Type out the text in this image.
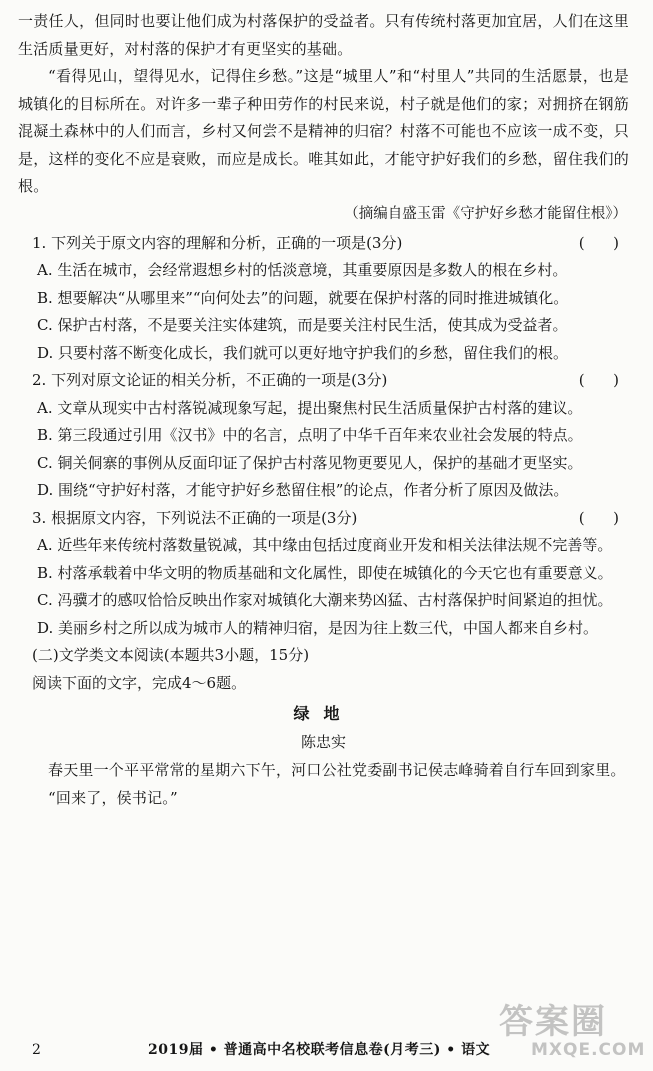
一责任人，但同时也要让他们成为村落保护的受益者。只有传统村落更加宜居，人们在这里生活质量更好，对村落的保护才有更坚实的基础。

“看得见山，望得见水，记得住乡愁。”这是“城里人”和“村里人”共同的生活愿景，也是城镇化的目标所在。对许多一辈子种田劳作的村民来说，村子就是他们的家；对拥挤在钢筋混凝土森林中的人们而言，乡村又何尝不是精神的归宿？村落不可能也不应该一成不变，只是，这样的变化不应是衰败，而应是成长。唯其如此，才能守护好我们的乡愁，留住我们的根。

（摘编自盛玉雷《守护好乡愁才能留住根》）

1. 下列关于原文内容的理解和分析，正确的一项是(3分)	(      )

A. 生活在城市，会经常遐想乡村的恬淡意境，其重要原因是多数人的根在乡村。

B. 想要解决“从哪里来”“向何处去”的问题，就要在保护村落的同时推进城镇化。

C. 保护古村落，不是要关注实体建筑，而是要关注村民生活，使其成为受益者。

D. 只要村落不断变化成长，我们就可以更好地守护我们的乡愁，留住我们的根。

2. 下列对原文论证的相关分析，不正确的一项是(3分)	(      )

A. 文章从现实中古村落锐减现象写起，提出聚焦村民生活质量保护古村落的建议。

B. 第三段通过引用《汉书》中的名言，点明了中华千百年来农业社会发展的特点。

C. 铜关侗寨的事例从反面印证了保护古村落见物更要见人，保护的基础才更坚实。

D. 围绕“守护好村落，才能守护好乡愁留住根”的论点，作者分析了原因及做法。

3. 根据原文内容，下列说法不正确的一项是(3分)	(      )

A. 近些年来传统村落数量锐减，其中缘由包括过度商业开发和相关法律法规不完善等。

B. 村落承载着中华文明的物质基础和文化属性，即使在城镇化的今天它也有重要意义。

C. 冯骥才的感叹恰恰反映出作家对城镇化大潮来势凶猛、古村落保护时间紧迫的担忧。

D. 美丽乡村之所以成为城市人的精神归宿，是因为往上数三代，中国人都来自乡村。

(二)文学类文本阅读(本题共3小题，15分)

阅读下面的文字，完成4～6题。

绿地
陈忠实

春天里一个平平常常的星期六下午，河口公社党委副书记侯志峰骑着自行车回到家里。

“回来了，侯书记。”

2	2019届 • 普通高中名校联考信息卷(月考三) • 语文
答案圈
MXQE.COM
